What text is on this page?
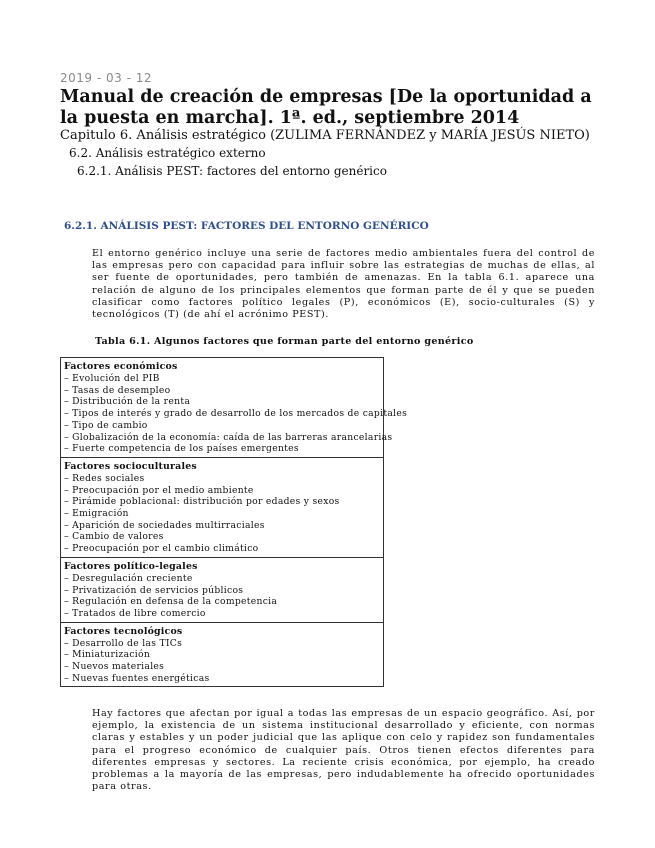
2019 - 03 - 12
Manual de creación de empresas [De la oportunidad a la puesta en marcha]. 1ª. ed., septiembre 2014
Capitulo 6. Análisis estratégico (ZULIMA FERNÁNDEZ y MARÍA JESÚS NIETO)
6.2. Análisis estratégico externo
6.2.1. Análisis PEST: factores del entorno genérico
6.2.1. ANÁLISIS PEST: FACTORES DEL ENTORNO GENÉRICO

El entorno genérico incluye una serie de factores medio ambientales fuera del control de las empresas pero con capacidad para influir sobre las estrategias de muchas de ellas, al ser fuente de oportunidades, pero también de amenazas. En la tabla 6.1. aparece una relación de alguno de los principales elementos que forman parte de él y que se pueden clasificar como factores político legales (P), económicos (E), socio-culturales (S) y tecnológicos (T) (de ahí el acrónimo PEST).

Tabla 6.1. Algunos factores que forman parte del entorno genérico
Factores económicos
– Evolución del PIB
– Tasas de desempleo
– Distribución de la renta
– Tipos de interés y grado de desarrollo de los mercados de capitales
– Tipo de cambio
– Globalización de la economía: caída de las barreras arancelarias
– Fuerte competencia de los países emergentes
Factores socioculturales
– Redes sociales
– Preocupación por el medio ambiente
– Pirámide poblacional: distribución por edades y sexos
– Emigración
– Aparición de sociedades multirraciales
– Cambio de valores
– Preocupación por el cambio climático
Factores político-legales
– Desregulación creciente
– Privatización de servicios públicos
– Regulación en defensa de la competencia
– Tratados de libre comercio
Factores tecnológicos
– Desarrollo de las TICs
– Miniaturización
– Nuevos materiales
– Nuevas fuentes energéticas

Hay factores que afectan por igual a todas las empresas de un espacio geográfico. Así, por ejemplo, la existencia de un sistema institucional desarrollado y eficiente, con normas claras y estables y un poder judicial que las aplique con celo y rapidez son fundamentales para el progreso económico de cualquier país. Otros tienen efectos diferentes para diferentes empresas y sectores. La reciente crisis económica, por ejemplo, ha creado problemas a la mayoría de las empresas, pero indudablemente ha ofrecido oportunidades para otras.
